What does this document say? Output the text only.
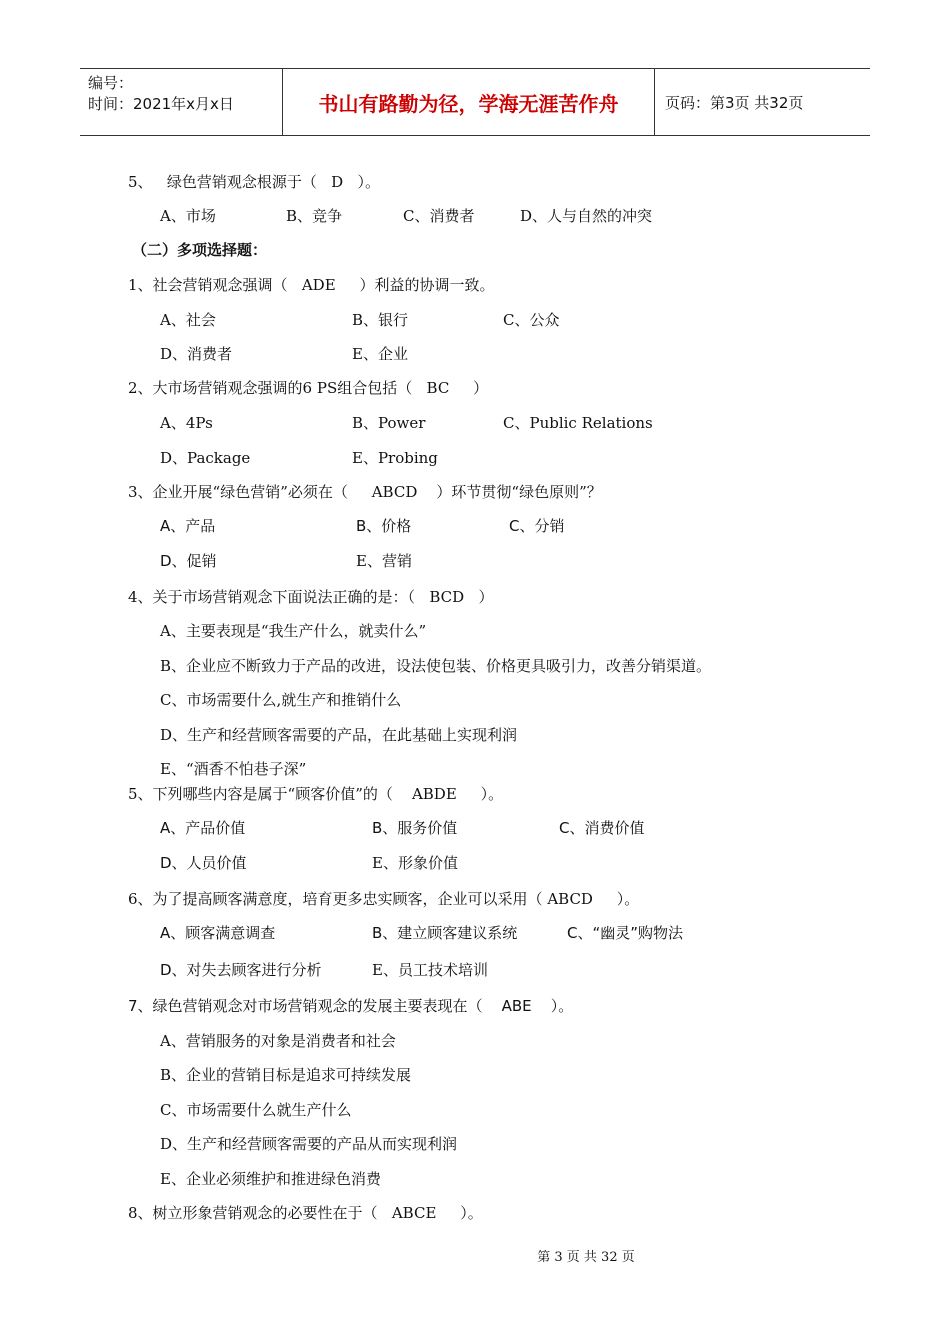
编号：
时间：2021年x月x日	书山有路勤为径，学海无涯苦作舟	页码：第3页 共32页
5、   绿色营销观念根源于（   D   ）。
A、市场	B、竞争	C、消费者	D、人与自然的冲突
（二）多项选择题：
1、社会营销观念强调（   ADE     ）利益的协调一致。
A、社会	B、银行	C、公众
D、消费者	E、企业
2、大市场营销观念强调的6 PS组合包括（   BC     ）
A、4Ps	B、Power	C、Public Relations
D、Package	E、Probing
3、企业开展“绿色营销”必须在（     ABCD    ）环节贯彻“绿色原则”？
A、产品	B、价格	C、分销
D、促销	E、营销
4、关于市场营销观念下面说法正确的是：（   BCD   ）
A、主要表现是“我生产什么，就卖什么”
B、企业应不断致力于产品的改进，设法使包装、价格更具吸引力，改善分销渠道。
C、市场需要什么,就生产和推销什么
D、生产和经营顾客需要的产品，在此基础上实现利润
E、“酒香不怕巷子深”
5、下列哪些内容是属于“顾客价值”的（    ABDE     ）。
A、产品价值	B、服务价值	C、消费价值
D、人员价值	E、形象价值
6、为了提高顾客满意度，培育更多忠实顾客，企业可以采用（ ABCD     ）。
A、顾客满意调查	B、建立顾客建议系统	C、“幽灵”购物法
D、对失去顾客进行分析	E、员工技术培训
7、绿色营销观念对市场营销观念的发展主要表现在（    ABE    ）。
A、营销服务的对象是消费者和社会
B、企业的营销目标是追求可持续发展
C、市场需要什么就生产什么
D、生产和经营顾客需要的产品从而实现利润
E、企业必须维护和推进绿色消费
8、树立形象营销观念的必要性在于（   ABCE     ）。
第 3 页 共 32 页
